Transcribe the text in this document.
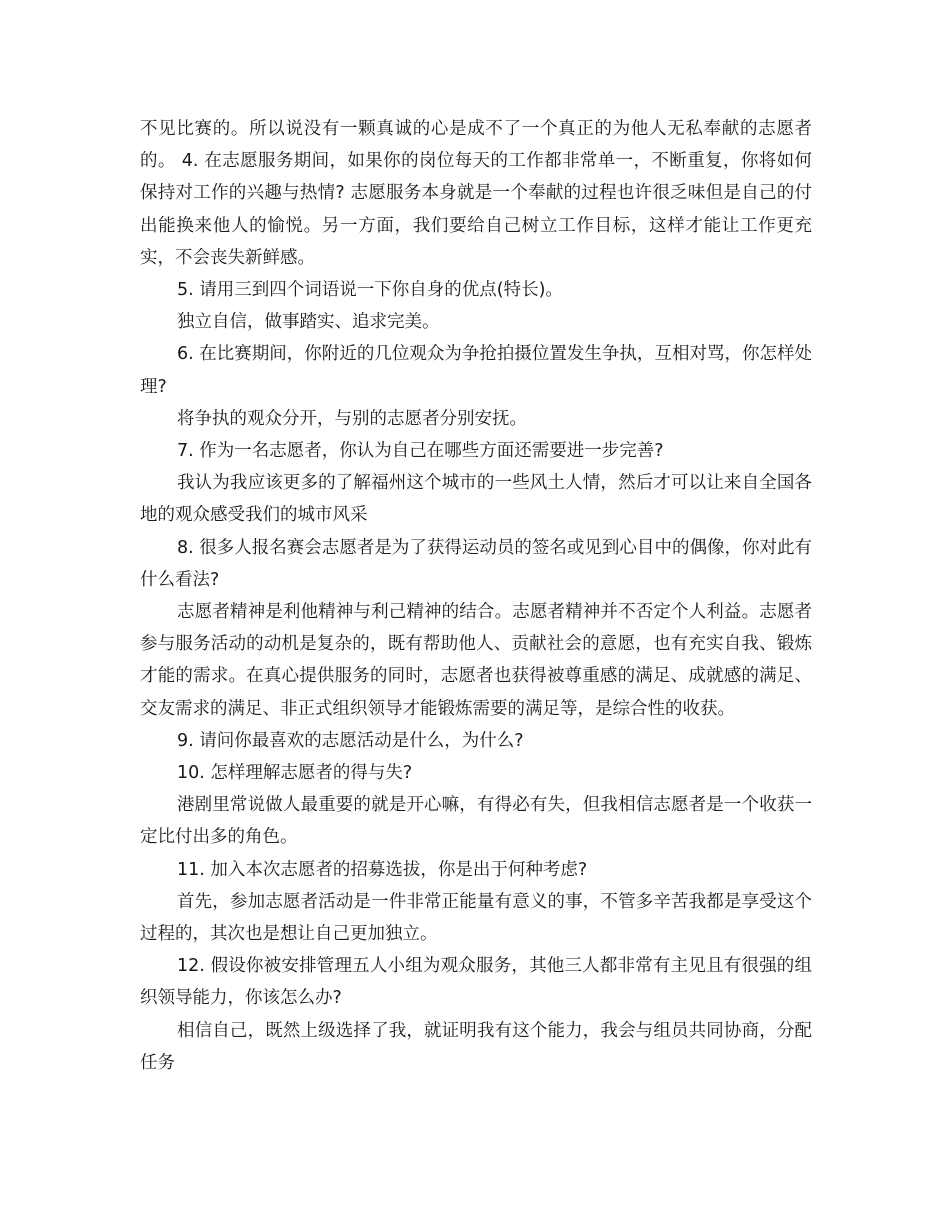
不见比赛的。所以说没有一颗真诚的心是成不了一个真正的为他人无私奉献的志愿者的。 4. 在志愿服务期间，如果你的岗位每天的工作都非常单一，不断重复，你将如何保持对工作的兴趣与热情? 志愿服务本身就是一个奉献的过程也许很乏味但是自己的付出能换来他人的愉悦。另一方面，我们要给自己树立工作目标，这样才能让工作更充实，不会丧失新鲜感。

5. 请用三到四个词语说一下你自身的优点(特长)。

独立自信，做事踏实、追求完美。

6. 在比赛期间，你附近的几位观众为争抢拍摄位置发生争执，互相对骂，你怎样处理?

将争执的观众分开，与别的志愿者分别安抚。

7. 作为一名志愿者，你认为自己在哪些方面还需要进一步完善?

我认为我应该更多的了解福州这个城市的一些风土人情，然后才可以让来自全国各地的观众感受我们的城市风采

8. 很多人报名赛会志愿者是为了获得运动员的签名或见到心目中的偶像，你对此有什么看法?

志愿者精神是利他精神与利己精神的结合。志愿者精神并不否定个人利益。志愿者参与服务活动的动机是复杂的，既有帮助他人、贡献社会的意愿，也有充实自我、锻炼才能的需求。在真心提供服务的同时，志愿者也获得被尊重感的满足、成就感的满足、交友需求的满足、非正式组织领导才能锻炼需要的满足等，是综合性的收获。

9. 请问你最喜欢的志愿活动是什么，为什么?

10. 怎样理解志愿者的得与失?

港剧里常说做人最重要的就是开心嘛，有得必有失，但我相信志愿者是一个收获一定比付出多的角色。

11. 加入本次志愿者的招募选拔，你是出于何种考虑?

首先，参加志愿者活动是一件非常正能量有意义的事，不管多辛苦我都是享受这个过程的，其次也是想让自己更加独立。

12. 假设你被安排管理五人小组为观众服务，其他三人都非常有主见且有很强的组织领导能力，你该怎么办?

相信自己，既然上级选择了我，就证明我有这个能力，我会与组员共同协商，分配任务
